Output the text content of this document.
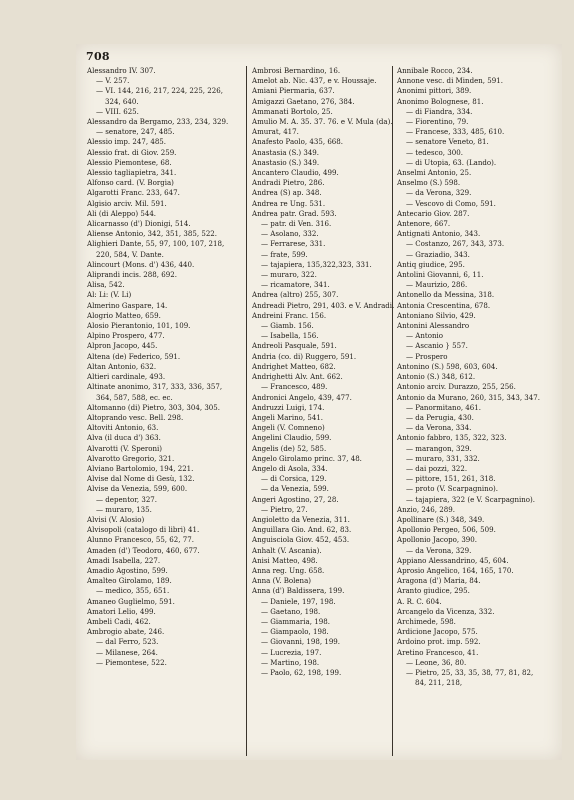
708
Alessandro IV. 307.
— V. 257.
— VI. 144, 216, 217, 224, 225, 226, 324, 640.
— VIII. 625.
Alessandro da Bergamo, 233, 234, 329.
— senatore, 247, 485.
Alessio imp. 247, 485.
Alessio frat. di Giov. 259.
Alessio Piemontese, 68.
Alessio tagliapietra, 341.
Alfonso card. (V. Borgia)
Algarotti Franc. 233, 647.
Algisio arciv. Mil. 591.
Ali (di Aleppo) 544.
Alicarnasso (d') Dionigi, 514.
Aliense Antonio, 342, 351, 385, 522.
Alighieri Dante, 55, 97, 100, 107, 218, 220, 584, V. Dante.
Alincourt (Mons. d') 436, 440.
Aliprandi incis. 288, 692.
Alisa, 542.
Al: Li: (V. Li)
Almerino Gaspare, 14.
Alogrio Matteo, 659.
Alosio Pierantonio, 101, 109.
Alpino Prospero, 477.
Alpron Jacopo, 445.
Altena (de) Federico, 591.
Altan Antonio, 632.
Altieri cardinale, 493.
Altinate anonimo, 317, 333, 336, 357, 364, 587, 588, ec. ec.
Altomanno (di) Pietro, 303, 304, 305.
Altoprando vesc. Bell. 298.
Altoviti Antonio, 63.
Alva (il duca d') 363.
Alvarotti (V. Speroni)
Alvarotto Gregorio, 321.
Alviano Bartolomio, 194, 221.
Alvise dal Nome di Gesù, 132.
Alvise da Venezia, 599, 600.
— depentor, 327.
— muraro, 135.
Alvisi (V. Alosio)
Alvisopoli (catalogo di libri) 41.
Alunno Francesco, 55, 62, 77.
Amaden (d') Teodoro, 460, 677.
Amadi Isabella, 227.
Amadio Agostino, 599.
Amalteo Girolamo, 189.
— medico, 355, 651.
Amaneo Guglielmo, 591.
Amatori Lelio, 499.
Ambeli Cadi, 462.
Ambrogio abate, 246.
— dal Ferro, 523.
— Milanese, 264.
— Piemontese, 522.
Ambrosi Bernardino, 16.
Amelot ab. Nic. 437, e v. Houssaje.
Amiani Piermaria, 637.
Amigazzi Gaetano, 276, 384.
Ammanati Bortolo, 25.
Amulio M. A. 35. 37. 76. e V. Mula (da).
Amurat, 417.
Anafesto Paolo, 435, 668.
Anastasia (S.) 349.
Anastasio (S.) 349.
Ancantero Claudio, 499.
Andradi Pietro, 286.
Andrea (S) ap. 348.
Andrea re Ung. 531.
Andrea patr. Grad. 593.
— patr. di Ven. 316.
— Asolano, 332.
— Ferrarese, 331.
— frate, 599.
— tajapiera, 135,322,323, 331.
— muraro, 322.
— ricamatore, 341.
Andrea (altro) 255, 307.
Andreadi Pietro, 291, 403. e V. Andradi.
Andreini Franc. 156.
— Giamb. 156.
— Isabella, 156.
Andreoli Pasquale, 591.
Andria (co. di) Ruggero, 591.
Andrighet Matteo, 682.
Andrighetti Alv. Ant. 662.
— Francesco, 489.
Andronici Angelo, 439, 477.
Andruzzi Luigi, 174.
Angeli Marino, 541.
Angeli (V. Comneno)
Angelini Claudio, 599.
Angelis (de) 52, 585.
Angelo Girolamo princ. 37, 48.
Angelo di Asola, 334.
— di Corsica, 129.
— da Venezia, 599.
Angeri Agostino, 27, 28.
— Pietro, 27.
Angioletto da Venezia, 311.
Anguillara Gio. And. 62, 83.
Anguisciola Giov. 452, 453.
Anhalt (V. Ascania).
Anisi Matteo, 498.
Anna reg. Ung. 658.
Anna (V. Bolena)
Anna (d') Baldissera, 199.
— Daniele, 197, 198.
— Gaetano, 198.
— Giammaria, 198.
— Giampaolo, 198.
— Giovanni, 198, 199.
— Lucrezia, 197.
— Martino, 198.
— Paolo, 62, 198, 199.
Annibale Rocco, 234.
Annone vesc. di Minden, 591.
Anonimi pittori, 389.
Anonimo Bolognese, 81.
— di Fiandra, 334.
— Fiorentino, 79.
— Francese, 333, 485, 610.
— senatore Veneto, 81.
— tedesco, 300.
— di Utopia, 63. (Lando).
Anselmi Antonio, 25.
Anselmo (S.) 598.
— da Verona, 329.
— Vescovo di Como, 591.
Antecario Giov. 287.
Antenore, 667.
Antignati Antonio, 343.
— Costanzo, 267, 343, 373.
— Graziadio, 343.
Antiq giudice, 295.
Antolini Giovanni, 6, 11.
— Maurizio, 286.
Antonello da Messina, 318.
Antonia Crescentina, 678.
Antoniano Silvio, 429.
Antonini Alessandro
— Antonio
— Ascanio } 557.
— Prospero
Antonino (S.) 598, 603, 604.
Antonio (S.) 348, 612.
Antonio arciv. Durazzo, 255, 256.
Antonio da Murano, 260, 315, 343, 347.
— Panormitano, 461.
— da Perugia, 430.
— da Verona, 334.
Antonio fabbro, 135, 322, 323.
— marangon, 329.
— muraro, 331, 332.
— dai pozzi, 322.
— pittore, 151, 261, 318.
— proto (V. Scarpagnino).
— tajapiera, 322 (e V. Scarpagnino).
Anzio, 246, 289.
Apollinare (S.) 348, 349.
Apollonio Pergeo, 506, 509.
Apollonio Jacopo, 390.
— da Verona, 329.
Appiano Alessandrino, 45, 604.
Aprosio Angelico, 164, 165, 170.
Aragona (d') Maria, 84.
Aranto giudice, 295.
A. R. C. 604.
Arcangelo da Vicenza, 332.
Archimede, 598.
Ardicione Jacopo, 575.
Ardoino prot. imp. 592.
Aretino Francesco, 41.
— Leone, 36, 80.
— Pietro, 25, 33, 35, 38, 77, 81, 82, 84, 211, 218,
